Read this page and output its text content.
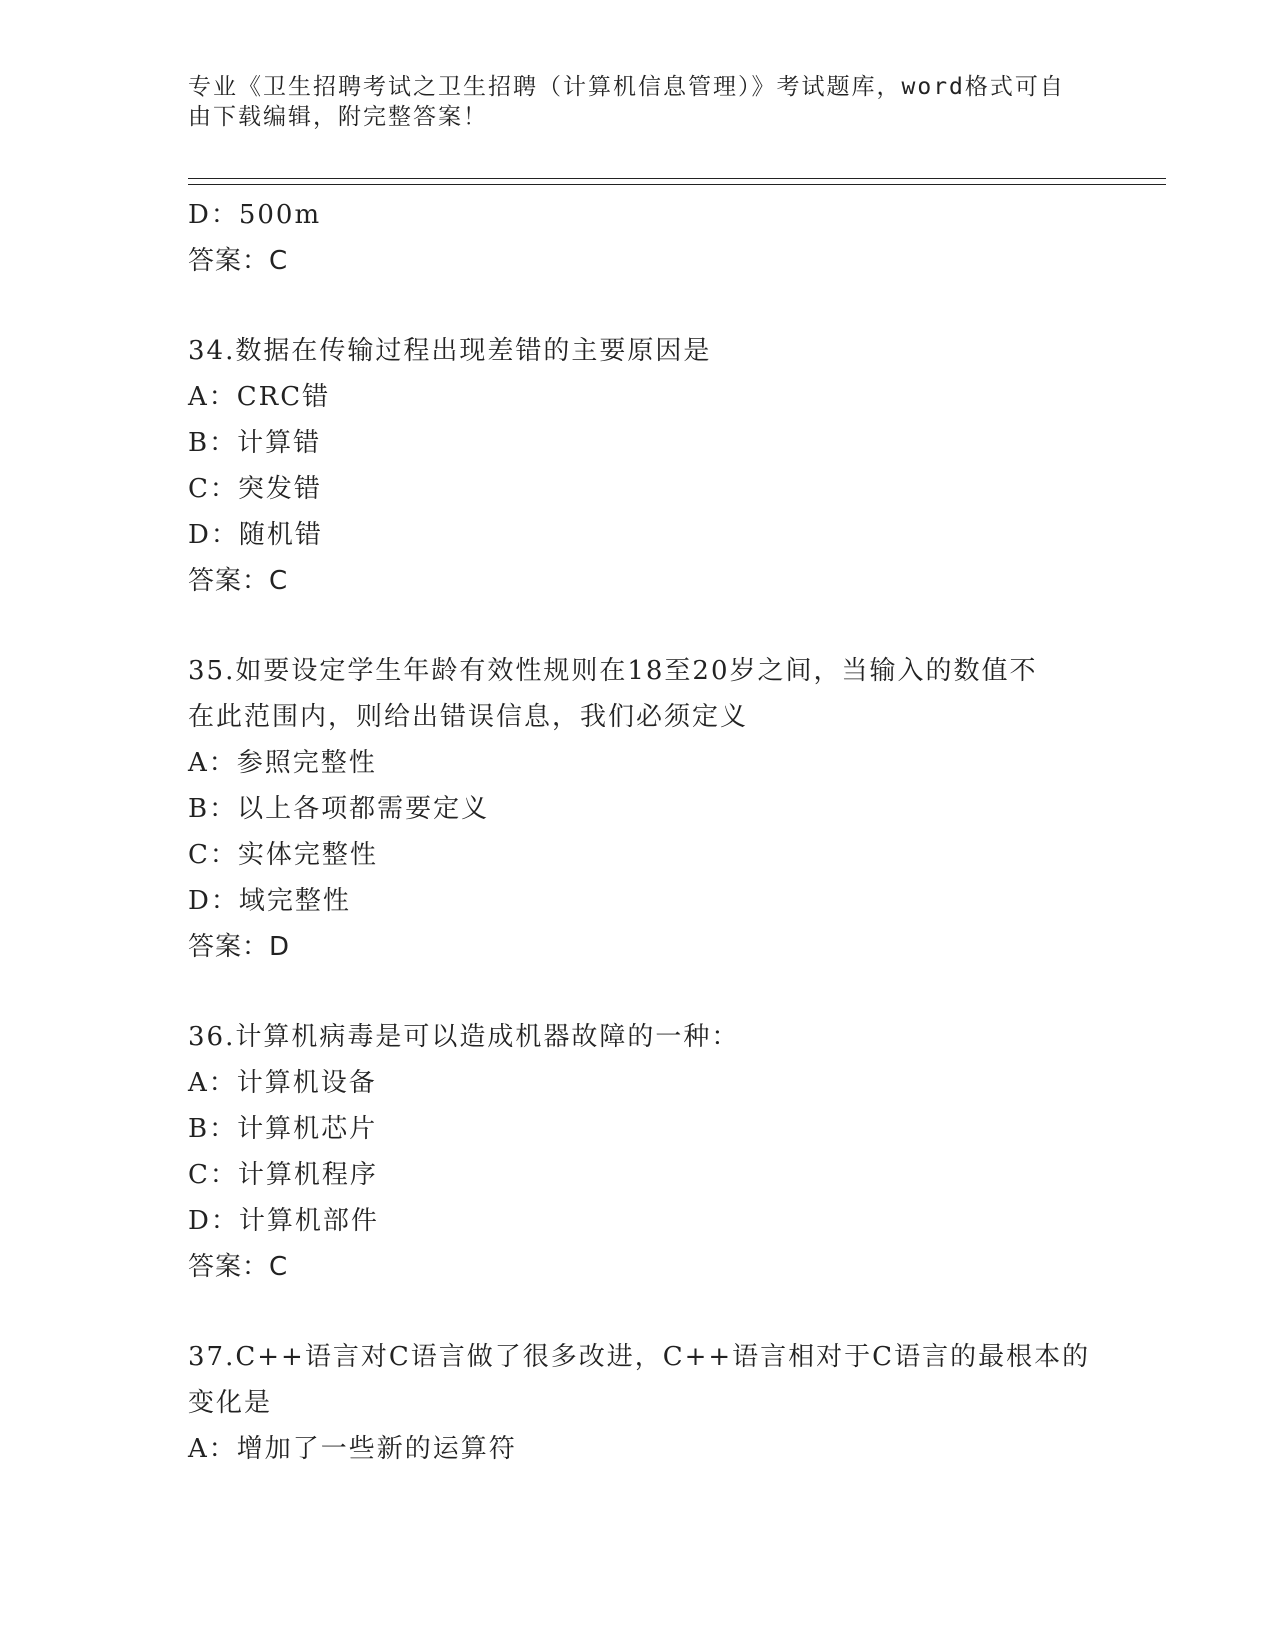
专业《卫生招聘考试之卫生招聘（计算机信息管理）》考试题库，word格式可自
由下载编辑，附完整答案！
D：500m
答案：C
34.数据在传输过程出现差错的主要原因是
A：CRC错
B：计算错
C：突发错
D：随机错
答案：C
35.如要设定学生年龄有效性规则在18至20岁之间，当输入的数值不
在此范围内，则给出错误信息，我们必须定义
A：参照完整性
B：以上各项都需要定义
C：实体完整性
D：域完整性
答案：D
36.计算机病毒是可以造成机器故障的一种：
A：计算机设备
B：计算机芯片
C：计算机程序
D：计算机部件
答案：C
37.C++语言对C语言做了很多改进，C++语言相对于C语言的最根本的
变化是
A：增加了一些新的运算符
